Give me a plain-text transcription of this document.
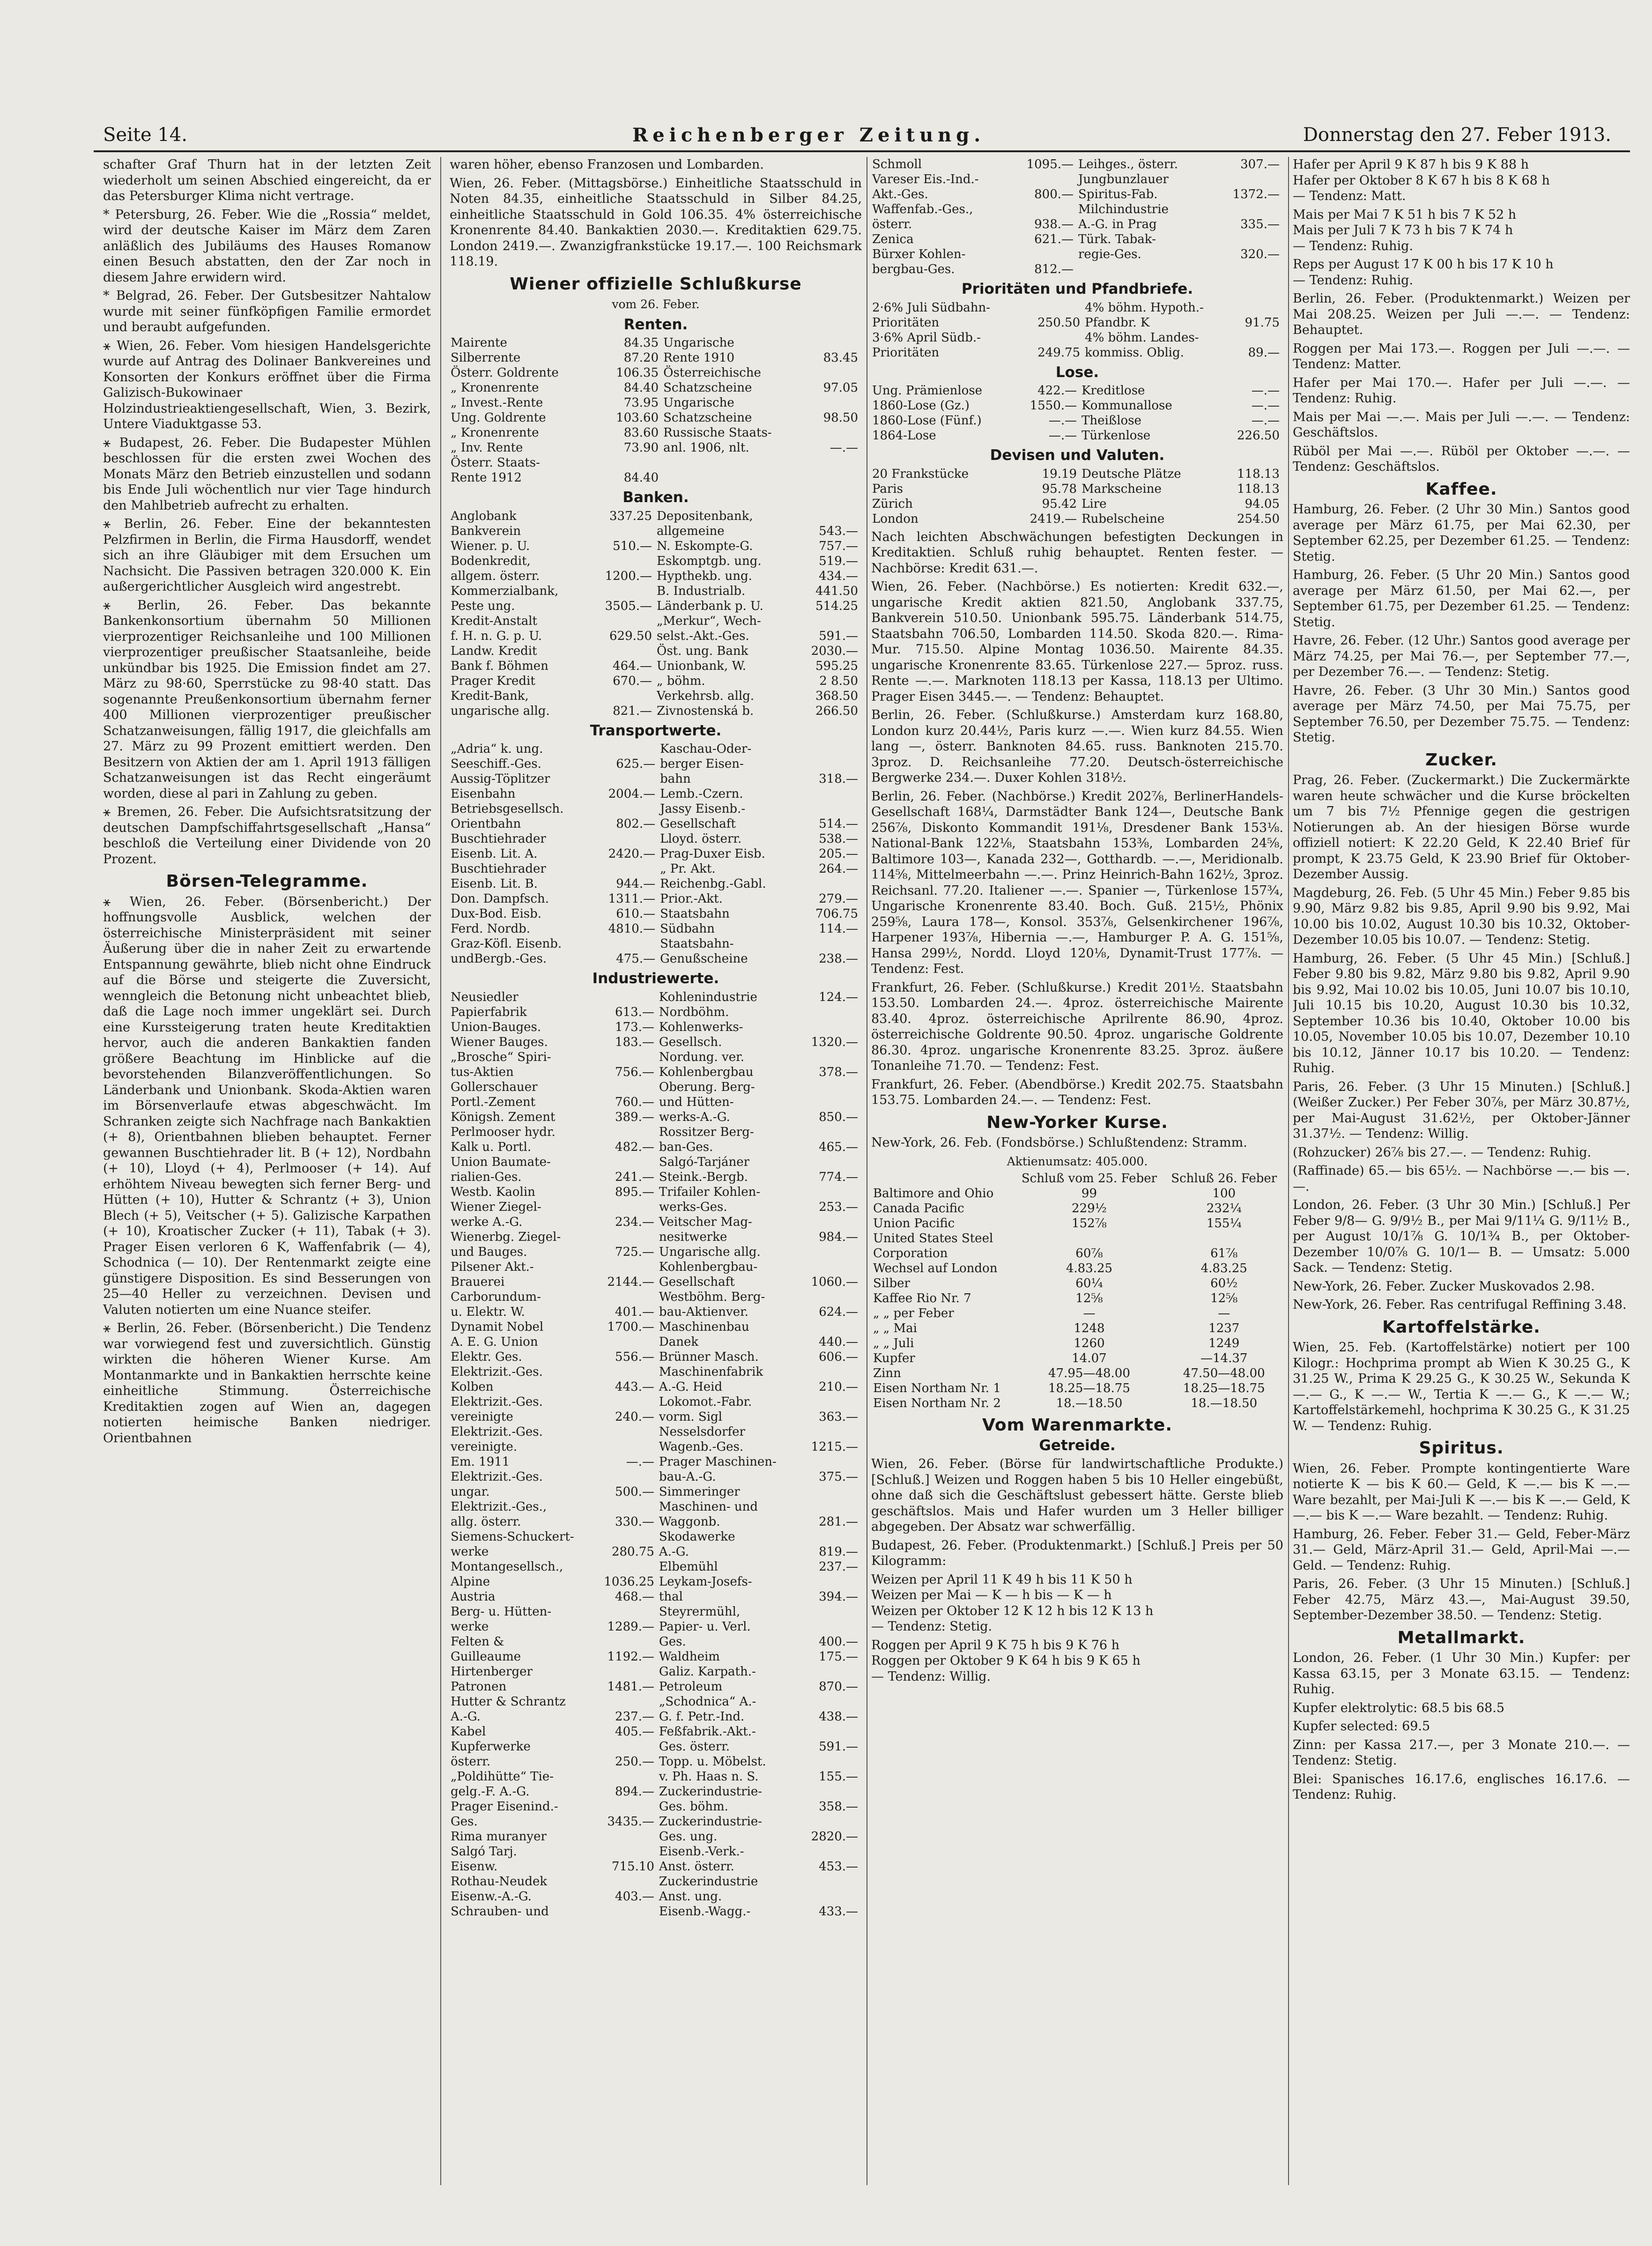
Seite 14.	Reichenberger Zeitung.	Donnerstag den 27. Feber 1913.

schafter Graf Thurn hat in der letzten Zeit wiederholt um seinen Abschied eingereicht, da er das Petersburger Klima nicht vertrage.

* Petersburg, 26. Feber. Wie die „Rossia“ meldet, wird der deutsche Kaiser im März dem Zaren anläßlich des Jubiläums des Hauses Romanow einen Besuch abstatten, den der Zar noch in diesem Jahre erwidern wird.

* Belgrad, 26. Feber. Der Gutsbesitzer Nahtalow wurde mit seiner fünfköpfigen Familie ermordet und beraubt aufgefunden.

⚹ Wien, 26. Feber. Vom hiesigen Handelsgerichte wurde auf Antrag des Dolinaer Bankvereines und Konsorten der Konkurs eröffnet über die Firma Galizisch-Bukowinaer Holzindustrieaktiengesellschaft, Wien, 3. Bezirk, Untere Viaduktgasse 53.

⚹ Budapest, 26. Feber. Die Budapester Mühlen beschlossen für die ersten zwei Wochen des Monats März den Betrieb einzustellen und sodann bis Ende Juli wöchentlich nur vier Tage hindurch den Mahlbetrieb aufrecht zu erhalten.

⚹ Berlin, 26. Feber. Eine der bekanntesten Pelzfirmen in Berlin, die Firma Hausdorff, wendet sich an ihre Gläubiger mit dem Ersuchen um Nachsicht. Die Passiven betragen 320.000 K. Ein außergerichtlicher Ausgleich wird angestrebt.

⚹ Berlin, 26. Feber. Das bekannte Bankenkonsortium übernahm 50 Millionen vierprozentiger Reichsanleihe und 100 Millionen vierprozentiger preußischer Staatsanleihe, beide unkündbar bis 1925. Die Emission findet am 27. März zu 98·60, Sperrstücke zu 98·40 statt. Das sogenannte Preußenkonsortium übernahm ferner 400 Millionen vierprozentiger preußischer Schatzanweisungen, fällig 1917, die gleichfalls am 27. März zu 99 Prozent emittiert werden. Den Besitzern von Aktien der am 1. April 1913 fälligen Schatzanweisungen ist das Recht eingeräumt worden, diese al pari in Zahlung zu geben.

⚹ Bremen, 26. Feber. Die Aufsichtsratsitzung der deutschen Dampfschiffahrtsgesellschaft „Hansa“ beschloß die Verteilung einer Dividende von 20 Prozent.

Börsen-Telegramme.

⚹ Wien, 26. Feber. (Börsenbericht.) Der hoffnungsvolle Ausblick, welchen der österreichische Ministerpräsident mit seiner Äußerung über die in naher Zeit zu erwartende Entspannung gewährte, blieb nicht ohne Eindruck auf die Börse und steigerte die Zuversicht, wenngleich die Betonung nicht unbeachtet blieb, daß die Lage noch immer ungeklärt sei. Durch eine Kurssteigerung traten heute Kreditaktien hervor, auch die anderen Bankaktien fanden größere Beachtung im Hinblicke auf die bevorstehenden Bilanzveröffentlichungen. So Länderbank und Unionbank. Skoda-Aktien waren im Börsenverlaufe etwas abgeschwächt. Im Schranken zeigte sich Nachfrage nach Bankaktien (+ 8), Orientbahnen blieben behauptet. Ferner gewannen Buschtiehrader lit. B (+ 12), Nordbahn (+ 10), Lloyd (+ 4), Perlmooser (+ 14). Auf erhöhtem Niveau bewegten sich ferner Berg- und Hütten (+ 10), Hutter & Schrantz (+ 3), Union Blech (+ 5), Veitscher (+ 5). Galizische Karpathen (+ 10), Kroatischer Zucker (+ 11), Tabak (+ 3). Prager Eisen verloren 6 K, Waffenfabrik (— 4), Schodnica (— 10). Der Rentenmarkt zeigte eine günstigere Disposition. Es sind Besserungen von 25—40 Heller zu verzeichnen. Devisen und Valuten notierten um eine Nuance steifer.

⚹ Berlin, 26. Feber. (Börsenbericht.) Die Tendenz war vorwiegend fest und zuversichtlich. Günstig wirkten die höheren Wiener Kurse. Am Montanmarkte und in Bankaktien herrschte keine einheitliche Stimmung. Österreichische Kreditaktien zogen auf Wien an, dagegen notierten heimische Banken niedriger. Orientbahnen

waren höher, ebenso Franzosen und Lombarden.

Wien, 26. Feber. (Mittagsbörse.) Einheitliche Staatsschuld in Noten 84.35, einheitliche Staatsschuld in Silber 84.25, einheitliche Staatsschuld in Gold 106.35. 4% österreichische Kronenrente 84.40. Bankaktien 2030.—. Kreditaktien 629.75. London 2419.—. Zwanzigfrankstücke 19.17.—. 100 Reichsmark 118.19.

Wiener offizielle Schlußkurse
vom 26. Feber.
Renten.
Mairente	84.35	Ungarische	
Silberrente	87.20	Rente 1910	83.45
Österr. Goldrente	106.35	Österreichische	
„ Kronenrente	84.40	Schatzscheine	97.05
„ Invest.-Rente	73.95	Ungarische	
Ung. Goldrente	103.60	Schatzscheine	98.50
„ Kronenrente	83.60	Russische Staats-	
„ Inv. Rente	73.90	anl. 1906, nlt.	—.—
Österr. Staats-			
Rente 1912	84.40		
Banken.
Anglobank	337.25	Depositenbank,	
Bankverein		allgemeine	543.—
Wiener. p. U.	510.—	N. Eskompte-G.	757.—
Bodenkredit,		Eskomptgb. ung.	519.—
allgem. österr.	1200.—	Hypthekb. ung.	434.—
Kommerzialbank,		B. Industrialb.	441.50
Peste ung.	3505.—	Länderbank p. U.	514.25
Kredit-Anstalt		„Merkur“, Wech-	
f. H. n. G. p. U.	629.50	selst.-Akt.-Ges.	591.—
Landw. Kredit		Öst. ung. Bank	2030.—
Bank f. Böhmen	464.—	Unionbank, W.	595.25
Prager Kredit	670.—	„ böhm.	2 8.50
Kredit-Bank,		Verkehrsb. allg.	368.50
ungarische allg.	821.—	Zivnostenská b.	266.50
Transportwerte.
„Adria“ k. ung.		Kaschau-Oder-	
Seeschiff.-Ges.	625.—	berger Eisen-	
Aussig-Töplitzer		bahn	318.—
Eisenbahn	2004.—	Lemb.-Czern.	
Betriebsgesellsch.		Jassy Eisenb.-	
Orientbahn	802.—	Gesellschaft	514.—
Buschtiehrader		Lloyd. österr.	538.—
Eisenb. Lit. A.	2420.—	Prag-Duxer Eisb.	205.—
Buschtiehrader		„ Pr. Akt.	264.—
Eisenb. Lit. B.	944.—	Reichenbg.-Gabl.	
Don. Dampfsch.	1311.—	Prior.-Akt.	279.—
Dux-Bod. Eisb.	610.—	Staatsbahn	706.75
Ferd. Nordb.	4810.—	Südbahn	114.—
Graz-Köfl. Eisenb.		Staatsbahn-	
undBergb.-Ges.	475.—	Genußscheine	238.—
Industriewerte.
Neusiedler		Kohlenindustrie	124.—
Papierfabrik	613.—	Nordböhm.	
Union-Bauges.	173.—	Kohlenwerks-	
Wiener Bauges.	183.—	Gesellsch.	1320.—
„Brosche“ Spiri-		Nordung. ver.	
tus-Aktien	756.—	Kohlenbergbau	378.—
Gollerschauer		Oberung. Berg-	
Portl.-Zement	760.—	und Hütten-	
Königsh. Zement	389.—	werks-A.-G.	850.—
Perlmooser hydr.		Rossitzer Berg-	
Kalk u. Portl.	482.—	ban-Ges.	465.—
Union Baumate-		Salgó-Tarjáner	
rialien-Ges.	241.—	Steink.-Bergb.	774.—
Westb. Kaolin	895.—	Trifailer Kohlen-	
Wiener Ziegel-		werks-Ges.	253.—
werke A.-G.	234.—	Veitscher Mag-	
Wienerbg. Ziegel-		nesitwerke	984.—
und Bauges.	725.—	Ungarische allg.	
Pilsener Akt.-		Kohlenbergbau-	
Brauerei	2144.—	Gesellschaft	1060.—
Carborundum-		Westböhm. Berg-	
u. Elektr. W.	401.—	bau-Aktienver.	624.—
Dynamit Nobel	1700.—	Maschinenbau	
A. E. G. Union		Danek	440.—
Elektr. Ges.	556.—	Brünner Masch.	606.—
Elektrizit.-Ges.		Maschinenfabrik	
Kolben	443.—	A.-G. Heid	210.—
Elektrizit.-Ges.		Lokomot.-Fabr.	
vereinigte	240.—	vorm. Sigl	363.—
Elektrizit.-Ges.		Nesselsdorfer	
vereinigte.		Wagenb.-Ges.	1215.—
Em. 1911	—.—	Prager Maschinen-	
Elektrizit.-Ges.		bau-A.-G.	375.—
ungar.	500.—	Simmeringer	
Elektrizit.-Ges.,		Maschinen- und	
allg. österr.	330.—	Waggonb.	281.—
Siemens-Schuckert-		Skodawerke	
werke	280.75	A.-G.	819.—
Montangesellsch.,		Elbemühl	237.—
Alpine	1036.25	Leykam-Josefs-	
Austria	468.—	thal	394.—
Berg- u. Hütten-		Steyrermühl,	
werke	1289.—	Papier- u. Verl.	
Felten &		Ges.	400.—
Guilleaume	1192.—	Waldheim	175.—
Hirtenberger		Galiz. Karpath.-	
Patronen	1481.—	Petroleum	870.—
Hutter & Schrantz		„Schodnica“ A.-	
A.-G.	237.—	G. f. Petr.-Ind.	438.—
Kabel	405.—	Feßfabrik.-Akt.-	
Kupferwerke		Ges. österr.	591.—
österr.	250.—	Topp. u. Möbelst.	
„Poldihütte“ Tie-		v. Ph. Haas n. S.	155.—
gelg.-F. A.-G.	894.—	Zuckerindustrie-	
Prager Eisenind.-		Ges. böhm.	358.—
Ges.	3435.—	Zuckerindustrie-	
Rima muranyer		Ges. ung.	2820.—
Salgó Tarj.		Eisenb.-Verk.-	
Eisenw.	715.10	Anst. österr.	453.—
Rothau-Neudek		Zuckerindustrie	
Eisenw.-A.-G.	403.—	Anst. ung.	
Schrauben- und		Eisenb.-Wagg.-	433.—
Schmoll	1095.—	Leihges., österr.	307.—
Vareser Eis.-Ind.-		Jungbunzlauer	
Akt.-Ges.	800.—	Spiritus-Fab.	1372.—
Waffenfab.-Ges.,		Milchindustrie	
österr.	938.—	A.-G. in Prag	335.—
Zenica	621.—	Türk. Tabak-	
Bürxer Kohlen-		regie-Ges.	320.—
bergbau-Ges.	812.—		
Prioritäten und Pfandbriefe.
2·6% Juli Südbahn-		4% böhm. Hypoth.-	
Prioritäten	250.50	Pfandbr. K	91.75
3·6% April Südb.-		4% böhm. Landes-	
Prioritäten	249.75	kommiss. Oblig.	89.—
Lose.
Ung. Prämienlose	422.—	Kreditlose	—.—
1860-Lose (Gz.)	1550.—	Kommunallose	—.—
1860-Lose (Fünf.)	—.—	Theißlose	—.—
1864-Lose	—.—	Türkenlose	226.50
Devisen und Valuten.
20 Frankstücke	19.19	Deutsche Plätze	118.13
Paris	95.78	Markscheine	118.13
Zürich	95.42	Lire	94.05
London	2419.—	Rubelscheine	254.50

Nach leichten Abschwächungen befestigten Deckungen in Kreditaktien. Schluß ruhig behauptet. Renten fester. — Nachbörse: Kredit 631.—.

Wien, 26. Feber. (Nachbörse.) Es notierten: Kredit 632.—, ungarische Kredit aktien 821.50, Anglobank 337.75, Bankverein 510.50. Unionbank 595.75. Länderbank 514.75, Staatsbahn 706.50, Lombarden 114.50. Skoda 820.—. Rima-Mur. 715.50. Alpine Montag 1036.50. Mairente 84.35. ungarische Kronenrente 83.65. Türkenlose 227.— 5proz. russ. Rente —.—. Marknoten 118.13 per Kassa, 118.13 per Ultimo. Prager Eisen 3445.—. — Tendenz: Behauptet.

Berlin, 26. Feber. (Schlußkurse.) Amsterdam kurz 168.80, London kurz 20.44½, Paris kurz —.—. Wien kurz 84.55. Wien lang —, österr. Banknoten 84.65. russ. Banknoten 215.70. 3proz. D. Reichsanleihe 77.20. Deutsch-österreichische Bergwerke 234.—. Duxer Kohlen 318½.

Berlin, 26. Feber. (Nachbörse.) Kredit 202⅞, BerlinerHandels-Gesellschaft 168¼, Darmstädter Bank 124—, Deutsche Bank 256⅞, Diskonto Kommandit 191⅛, Dresdener Bank 153⅛. National-Bank 122⅛, Staatsbahn 153⅜, Lombarden 24⅝, Baltimore 103—, Kanada 232—, Gotthardb. —.—, Meridionalb. 114⅝, Mittelmeerbahn —.—. Prinz Heinrich-Bahn 162½, 3proz. Reichsanl. 77.20. Italiener —.—. Spanier —, Türkenlose 157¾, Ungarische Kronenrente 83.40. Boch. Guß. 215½, Phönix 259⅝, Laura 178—, Konsol. 353⅞, Gelsenkirchener 196⅞, Harpener 193⅞, Hibernia —.—, Hamburger P. A. G. 151⅝, Hansa 299½, Nordd. Lloyd 120⅛, Dynamit-Trust 177⅞. — Tendenz: Fest.

Frankfurt, 26. Feber. (Schlußkurse.) Kredit 201½. Staatsbahn 153.50. Lombarden 24.—. 4proz. österreichische Mairente 83.40. 4proz. österreichische Aprilrente 86.90, 4proz. österreichische Goldrente 90.50. 4proz. ungarische Goldrente 86.30. 4proz. ungarische Kronenrente 83.25. 3proz. äußere Tonanleihe 71.70. — Tendenz: Fest.

Frankfurt, 26. Feber. (Abendbörse.) Kredit 202.75. Staatsbahn 153.75. Lombarden 24.—. — Tendenz: Fest.

New-Yorker Kurse.

New-York, 26. Feb. (Fondsbörse.) Schlußtendenz: Stramm.

Aktienumsatz: 405.000.
	Schluß vom 25. Feber	Schluß 26. Feber
Baltimore and Ohio	99	100
Canada Pacific	229½	232¼
Union Pacific	152⅞	155¼
United States Steel		
Corporation	60⅞	61⅞
Wechsel auf London	4.83.25	4.83.25
Silber	60¼	60½
Kaffee Rio Nr. 7	12⅝	12⅝
„ „ per Feber	—	—
„ „ Mai	1248	1237
„ „ Juli	1260	1249
Kupfer	14.07	—14.37
Zinn	47.95—48.00	47.50—48.00
Eisen Northam Nr. 1	18.25—18.75	18.25—18.75
Eisen Northam Nr. 2	18.—18.50	18.—18.50
Vom Warenmarkte.
Getreide.

Wien, 26. Feber. (Börse für landwirtschaftliche Produkte.) [Schluß.] Weizen und Roggen haben 5 bis 10 Heller eingebüßt, ohne daß sich die Geschäftslust gebessert hätte. Gerste blieb geschäftslos. Mais und Hafer wurden um 3 Heller billiger abgegeben. Der Absatz war schwerfällig.

Budapest, 26. Feber. (Produktenmarkt.) [Schluß.] Preis per 50 Kilogramm:

Weizen per April 11 K 49 h bis 11 K 50 h
Weizen per Mai — K — h bis — K — h
Weizen per Oktober 12 K 12 h bis 12 K 13 h
— Tendenz: Stetig.

Roggen per April 9 K 75 h bis 9 K 76 h
Roggen per Oktober 9 K 64 h bis 9 K 65 h
— Tendenz: Willig.

Hafer per April 9 K 87 h bis 9 K 88 h
Hafer per Oktober 8 K 67 h bis 8 K 68 h
— Tendenz: Matt.

Mais per Mai 7 K 51 h bis 7 K 52 h
Mais per Juli 7 K 73 h bis 7 K 74 h
— Tendenz: Ruhig.

Reps per August 17 K 00 h bis 17 K 10 h
— Tendenz: Ruhig.

Berlin, 26. Feber. (Produktenmarkt.) Weizen per Mai 208.25. Weizen per Juli —.—. — Tendenz: Behauptet.

Roggen per Mai 173.—. Roggen per Juli —.—. — Tendenz: Matter.

Hafer per Mai 170.—. Hafer per Juli —.—. — Tendenz: Ruhig.

Mais per Mai —.—. Mais per Juli —.—. — Tendenz: Geschäftslos.

Rüböl per Mai —.—. Rüböl per Oktober —.—. — Tendenz: Geschäftslos.

Kaffee.

Hamburg, 26. Feber. (2 Uhr 30 Min.) Santos good average per März 61.75, per Mai 62.30, per September 62.25, per Dezember 61.25. — Tendenz: Stetig.

Hamburg, 26. Feber. (5 Uhr 20 Min.) Santos good average per März 61.50, per Mai 62.—, per September 61.75, per Dezember 61.25. — Tendenz: Stetig.

Havre, 26. Feber. (12 Uhr.) Santos good average per März 74.25, per Mai 76.—, per September 77.—, per Dezember 76.—. — Tendenz: Stetig.

Havre, 26. Feber. (3 Uhr 30 Min.) Santos good average per März 74.50, per Mai 75.75, per September 76.50, per Dezember 75.75. — Tendenz: Stetig.

Zucker.

Prag, 26. Feber. (Zuckermarkt.) Die Zuckermärkte waren heute schwächer und die Kurse bröckelten um 7 bis 7½ Pfennige gegen die gestrigen Notierungen ab. An der hiesigen Börse wurde offiziell notiert: K 22.20 Geld, K 22.40 Brief für prompt, K 23.75 Geld, K 23.90 Brief für Oktober-Dezember Aussig.

Magdeburg, 26. Feb. (5 Uhr 45 Min.) Feber 9.85 bis 9.90, März 9.82 bis 9.85, April 9.90 bis 9.92, Mai 10.00 bis 10.02, August 10.30 bis 10.32, Oktober-Dezember 10.05 bis 10.07. — Tendenz: Stetig.

Hamburg, 26. Feber. (5 Uhr 45 Min.) [Schluß.] Feber 9.80 bis 9.82, März 9.80 bis 9.82, April 9.90 bis 9.92, Mai 10.02 bis 10.05, Juni 10.07 bis 10.10, Juli 10.15 bis 10.20, August 10.30 bis 10.32, September 10.36 bis 10.40, Oktober 10.00 bis 10.05, November 10.05 bis 10.07, Dezember 10.10 bis 10.12, Jänner 10.17 bis 10.20. — Tendenz: Ruhig.

Paris, 26. Feber. (3 Uhr 15 Minuten.) [Schluß.] (Weißer Zucker.) Per Feber 30⅞, per März 30.87½, per Mai-August 31.62½, per Oktober-Jänner 31.37½. — Tendenz: Willig.

(Rohzucker) 26⅞ bis 27.—. — Tendenz: Ruhig.

(Raffinade) 65.— bis 65½. — Nachbörse —.— bis —.—.

London, 26. Feber. (3 Uhr 30 Min.) [Schluß.] Per Feber 9/8— G. 9/9½ B., per Mai 9/11¼ G. 9/11½ B., per August 10/1⅞ G. 10/1¾ B., per Oktober-Dezember 10/0⅞ G. 10/1— B. — Umsatz: 5.000 Sack. — Tendenz: Stetig.

New-York, 26. Feber. Zucker Muskovados 2.98.

New-York, 26. Feber. Ras centrifugal Reffining 3.48.

Kartoffelstärke.

Wien, 25. Feb. (Kartoffelstärke) notiert per 100 Kilogr.: Hochprima prompt ab Wien K 30.25 G., K 31.25 W., Prima K 29.25 G., K 30.25 W., Sekunda K —.— G., K —.— W., Tertia K —.— G., K —.— W.; Kartoffelstärkemehl, hochprima K 30.25 G., K 31.25 W. — Tendenz: Ruhig.

Spiritus.

Wien, 26. Feber. Prompte kontingentierte Ware notierte K — bis K 60.— Geld, K —.— bis K —.— Ware bezahlt, per Mai-Juli K —.— bis K —.— Geld, K —.— bis K —.— Ware bezahlt. — Tendenz: Ruhig.

Hamburg, 26. Feber. Feber 31.— Geld, Feber-März 31.— Geld, März-April 31.— Geld, April-Mai —.— Geld. — Tendenz: Ruhig.

Paris, 26. Feber. (3 Uhr 15 Minuten.) [Schluß.] Feber 42.75, März 43.—, Mai-August 39.50, September-Dezember 38.50. — Tendenz: Stetig.

Metallmarkt.

London, 26. Feber. (1 Uhr 30 Min.) Kupfer: per Kassa 63.15, per 3 Monate 63.15. — Tendenz: Ruhig.

Kupfer elektrolytic: 68.5 bis 68.5

Kupfer selected: 69.5

Zinn: per Kassa 217.—, per 3 Monate 210.—. — Tendenz: Stetig.

Blei: Spanisches 16.17.6, englisches 16.17.6. — Tendenz: Ruhig.
